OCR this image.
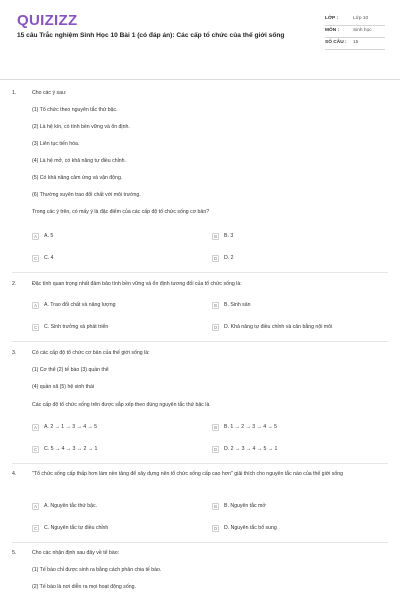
QUIZIZZ
15 câu Trắc nghiệm Sinh Học 10 Bài 1 (có đáp án): Các cấp tổ chức của thế giới sống
LỚP :	Lớp 10
MÔN :	Sinh học
SỐ CÂU :	15
1.	Cho các ý sau:
(1) Tổ chức theo nguyên tắc thứ bậc.
(2) Là hệ kín, có tính bền vững và ổn định.
(3) Liên tục tiến hóa.
(4) Là hệ mở, có khả năng tự điều chỉnh.
(5) Có khả năng cảm ứng và vận động.
(6) Thường xuyên trao đổi chất với môi trường.
Trong các ý trên, có mấy ý là đặc điểm của các cấp độ tổ chức sống cơ bản?
A	A. 5	B	B. 3
C	C. 4	D	D. 2
2.	Đặc tính quan trọng nhất đảm bảo tính bền vững và ổn định tương đối của tổ chức sống là:
A	A. Trao đổi chất và năng lượng	B	B. Sinh sản
C	C. Sinh trưởng và phát triển	D	D. Khả năng tự điều chỉnh và cân bằng nội môi
3.	Có các cấp độ tổ chức cơ bản của thế giới sống là:
(1) Cơ thể (2) tế bào (3) quần thể
(4) quần xã (5) hệ sinh thái
Các cấp độ tổ chức sống trên được sắp xếp theo đúng nguyên tắc thứ bậc là
A	A. 2 → 1 → 3 → 4 → 5	B	B. 1 → 2 → 3 → 4 → 5
C	C. 5 → 4 → 3 → 2 → 1	D	D. 2 → 3 → 4 → 5 → 1
4.	"Tổ chức sống cấp thấp hơn làm nền tảng để xây dựng nên tổ chức sống cấp cao hơn" giải thích cho nguyên tắc nào của thế giới sống
A	A. Nguyên tắc thứ bậc.	B	B. Nguyên tắc mở
C	C. Nguyên tắc tự điều chỉnh	D	D. Nguyên tắc bổ sung
5.	Cho các nhận định sau đây về tế bào:
(1) Tế bào chỉ được sinh ra bằng cách phân chia tế bào.
(2) Tế bào là nơi diễn ra mọi hoạt động sống.
